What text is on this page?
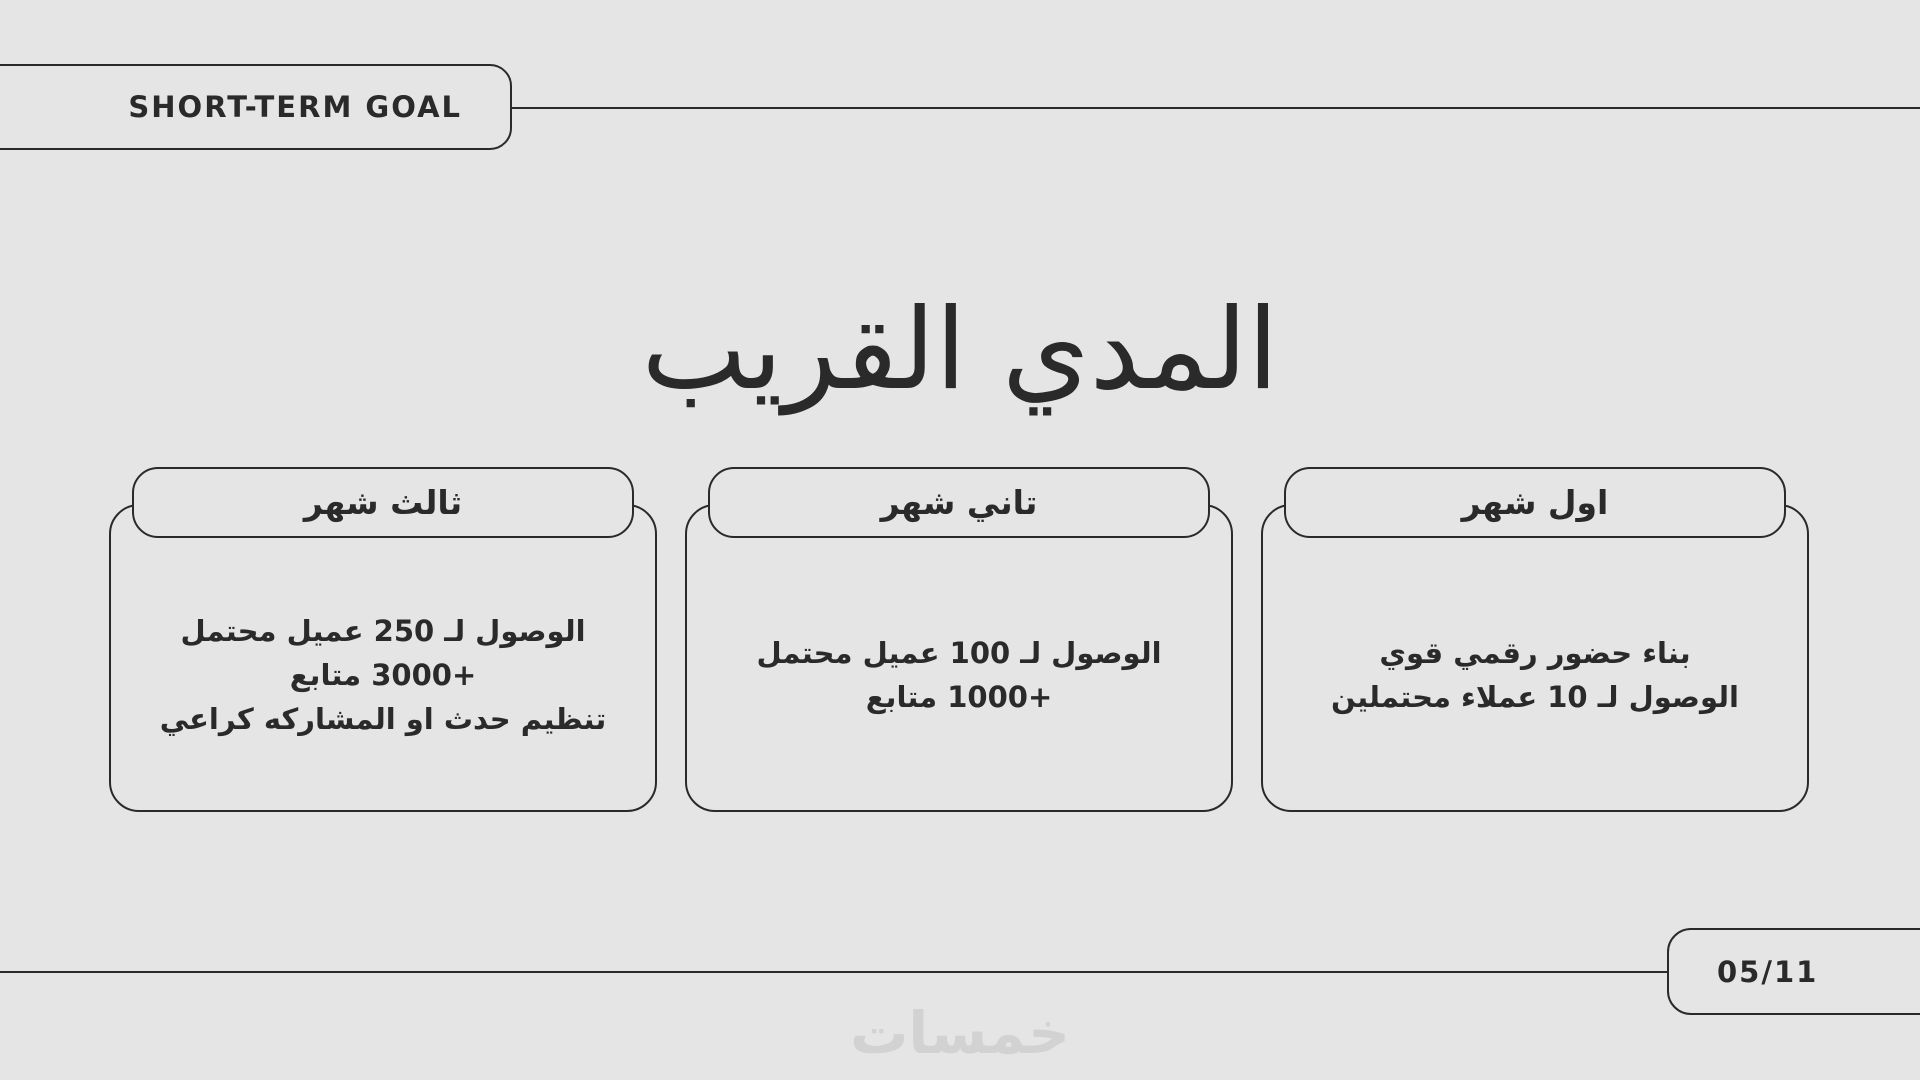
SHORT-TERM GOAL
المدي القريب
ثالث شهر
الوصول لـ 250 عميل محتمل
+3000 متابع
تنظيم حدث او المشاركه كراعي
تاني شهر
الوصول لـ 100 عميل محتمل
+1000 متابع
اول شهر
بناء حضور رقمي قوي
الوصول لـ 10 عملاء محتملين
05/11
خمسات
